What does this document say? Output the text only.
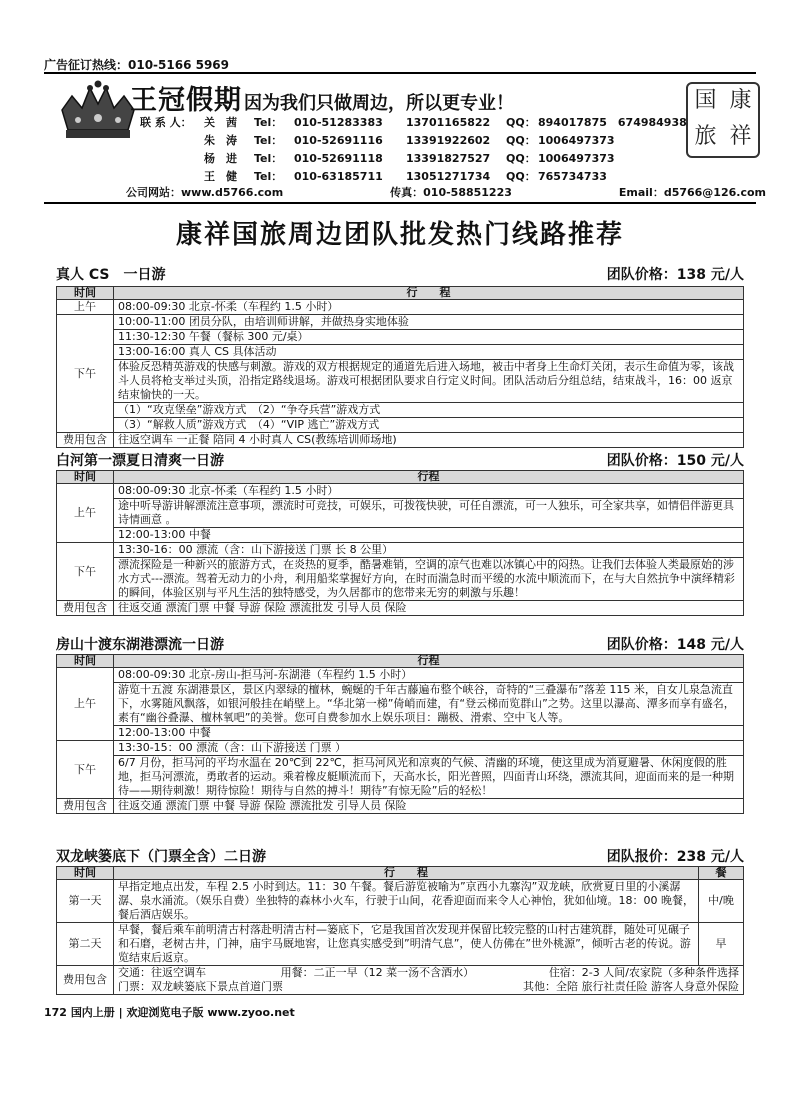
广告征订热线：010-5166 5969
王冠假期 因为我们只做周边，所以更专业！	国 康
旅 祥
联 系 人：	关　茜	Tel：	010-51283383	13701165822	QQ： 894017875　674984938
朱　涛	Tel：	010-52691116	13391922602	QQ： 1006497373
杨　进	Tel：	010-52691118	13391827527	QQ： 1006497373
王　健	Tel：	010-63185711	13051271734	QQ： 765734733
公司网站：www.d5766.com	传真：010-58851223	Email：d5766@126.com
康祥国旅周边团队批发热门线路推荐
真人 CS　一日游	团队价格：138 元/人
时间	行　　程
上午	08:00-09:30 北京-怀柔（车程约 1.5 小时）
下午	10:00-11:00 团员分队，由培训师讲解，并做热身实地体验
	11:30-12:30 午餐（餐标 300 元/桌）
	13:00-16:00 真人 CS 具体活动
	体验反恐精英游戏的快感与刺激。游戏的双方根据规定的通道先后进入场地，被击中者身上生命灯关闭，表示生命值为零，该战斗人员将枪支举过头顶，沿指定路线退场。游戏可根据团队要求自行定义时间。团队活动后分组总结，结束战斗，16：00 返京结束愉快的一天。
	（1）“攻克堡垒”游戏方式　（2）“争夺兵营”游戏方式
	（3）“解救人质”游戏方式　（4）“VIP 逃亡”游戏方式
费用包含	往返空调车 一正餐 陪同 4 小时真人 CS(教练培训师场地)
白河第一漂夏日清爽一日游	团队价格：150 元/人
时间	行程
上午	08:00-09:30 北京-怀柔（车程约 1.5 小时）
	途中听导游讲解漂流注意事项，漂流时可竞技，可娱乐，可拨筏快驶，可任自漂流，可一人独乐，可全家共享，如情侣伴游更具诗情画意 。
	12:00-13:00 中餐
下午	13:30-16：00 漂流（含：山下游接送 门票 长 8 公里）
	漂流探险是一种新兴的旅游方式，在炎热的夏季，酷暑难销，空调的凉气也难以冰镇心中的闷热。让我们去体验人类最原始的涉水方式---漂流。驾着无动力的小舟，利用船桨掌握好方向，在时而湍急时而平缓的水流中顺流而下，在与大自然抗争中演绎精彩的瞬间，体验区别与平凡生活的独特感受，为久居都市的您带来无穷的刺激与乐趣！
费用包含	往返交通 漂流门票 中餐 导游 保险 漂流批发 引导人员 保险
房山十渡东湖港漂流一日游	团队价格：148 元/人
时间	行程
上午	08:00-09:30 北京-房山-拒马河-东湖港（车程约 1.5 小时）
	游览十五渡 东湖港景区，景区内翠绿的檀林，蜿蜒的千年古藤遍布整个峡谷，奇特的“三叠瀑布”落差 115 米，自女儿泉急流直下，水雾随风飘落，如银河般挂在峭壁上。“华北第一梯”倚峭而建，有“登云梯而览群山”之势。这里以瀑高、潭多而享有盛名，素有“幽谷叠瀑、檀林氧吧”的美誉。您可自费参加水上娱乐项目：蹦极、滑索、空中飞人等。
	12:00-13:00 中餐
下午	13:30-15：00 漂流（含：山下游接送 门票 ）
	6/7 月份，拒马河的平均水温在 20℃到 22℃，拒马河风光和凉爽的气候、清幽的环境，使这里成为消夏避暑、休闲度假的胜地，拒马河漂流，勇敢者的运动。乘着橡皮艇顺流而下，天高水长，阳光普照，四面青山环绕，漂流其间，迎面而来的是一种期待——期待刺激！期待惊险！期待与自然的搏斗！期待”有惊无险”后的轻松！
费用包含	往返交通 漂流门票 中餐 导游 保险 漂流批发 引导人员 保险
双龙峡篓底下（门票全含）二日游	团队报价：238 元/人
时间	行　　程	餐
第一天	早指定地点出发，车程 2.5 小时到达。11：30 午餐。餐后游览被喻为”京西小九寨沟”双龙峡，欣赏夏日里的小溪潺潺、泉水涌流。（娱乐自费）坐独特的森林小火车，行驶于山间，花香迎面而来令人心神怡，犹如仙境。18：00 晚餐，餐后酒店娱乐。	中/晚
第二天	早餐，餐后乘车前明清古村落赴明清古村—篓底下，它是我国首次发现并保留比较完整的山村古建筑群，随处可见碾子和石磨，老树古井，门神，庙宇马厩地窖，让您真实感受到”明清气息”，使人仿佛在”世外桃源”，倾听古老的传说。游览结束后返京。	早
费用包含	交通：往返空调车 用餐：二正一早（12 菜一汤不含酒水） 住宿：2-3 人间/农家院（多种条件选择
门票：双龙峡篓底下景点首道门票 其他：全陪 旅行社责任险 游客人身意外保险	
172 国内上册 | 欢迎浏览电子版 www.zyoo.net
